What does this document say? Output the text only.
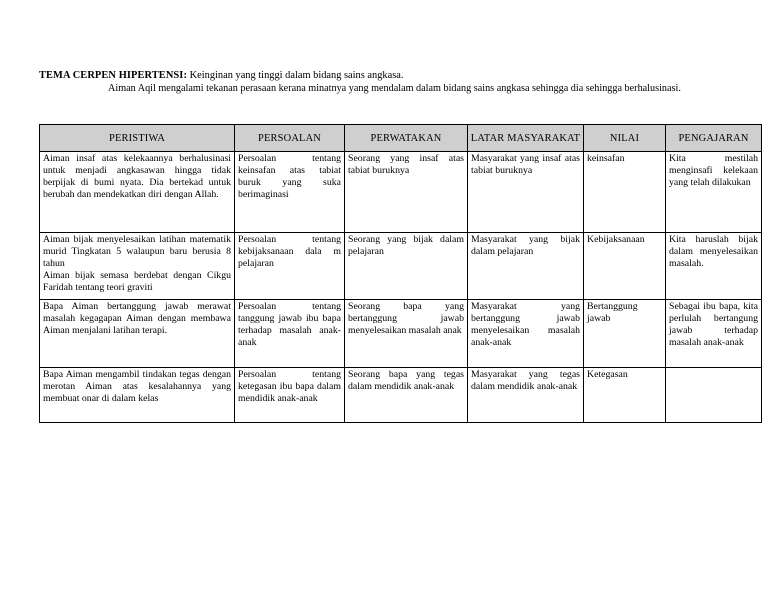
TEMA CERPEN HIPERTENSI: Keinginan yang tinggi dalam bidang sains angkasa.
Aiman Aqil mengalami tekanan perasaan kerana minatnya yang mendalam dalam bidang sains angkasa sehingga dia sehingga berhalusinasi.
PERISTIWA	PERSOALAN	PERWATAKAN	LATAR MASYARAKAT	NILAI	PENGAJARAN
Aiman insaf atas kelekaannya berhalusinasi untuk menjadi angkasawan hingga tidak berpijak di bumi nyata. Dia bertekad untuk berubah dan mendekatkan diri dengan Allah.	Persoalan tentang keinsafan atas tabiat buruk yang suka berimaginasi	Seorang yang insaf atas tabiat buruknya	Masyarakat yang insaf atas tabiat buruknya	keinsafan	Kita mestilah menginsafi kelekaan yang telah dilakukan

Aiman bijak menyelesaikan latihan matematik murid Tingkatan 5 walaupun baru berusia 8 tahun
Aiman bijak semasa berdebat dengan Cikgu Faridah tentang teori graviti	Persoalan tentang kebijaksanaan dala m pelajaran	Seorang yang bijak dalam pelajaran	Masyarakat yang bijak dalam pelajaran	Kebijaksanaan	Kita haruslah bijak dalam menyelesaikan masalah.
Bapa Aiman bertanggung jawab merawat masalah kegagapan Aiman dengan membawa Aiman menjalani latihan terapi.	Persoalan tentang tanggung jawab ibu bapa terhadap masalah anak-anak	Seorang bapa yang bertanggung jawab menyelesaikan masalah anak	Masyarakat yang bertanggung jawab menyelesaikan masalah anak-anak	Bertanggung jawab	Sebagai ibu bapa, kita perlulah bertangung jawab terhadap masalah anak-anak
Bapa Aiman mengambil tindakan tegas dengan merotan Aiman atas kesalahannya yang membuat onar di dalam kelas	Persoalan tentang ketegasan ibu bapa dalam mendidik anak-anak	Seorang bapa yang tegas dalam mendidik anak-anak	Masyarakat yang tegas dalam mendidik anak-anak	Ketegasan	
